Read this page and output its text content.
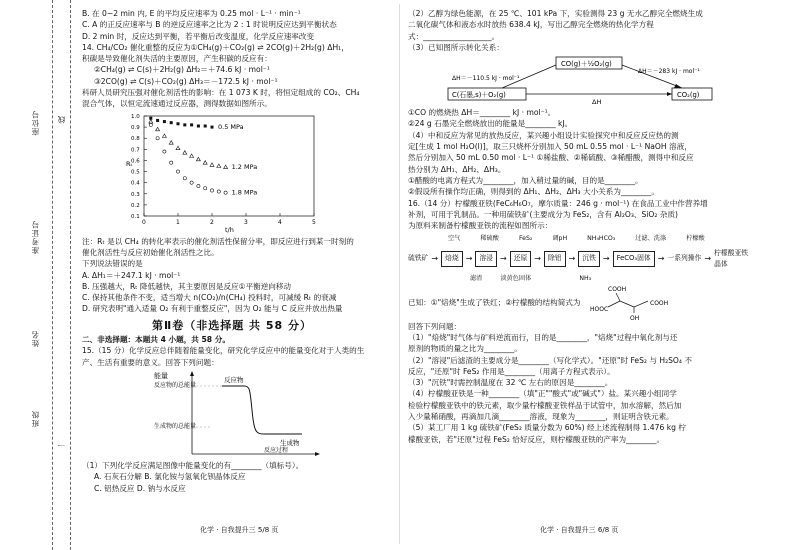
班级
姓名
准考证号
座位号
一
线

B. 在 0~2 min 内, E 的平均反应速率为 0.25 mol · L⁻¹ · min⁻¹

C. A 的正反应速率与 B 的逆反应速率之比为 2 : 1 时说明反应达到平衡状态

D. 2 min 时，反应达到平衡，若平衡后改变温度，化学反应速率改变

14. CH₄/CO₂ 催化重整的反应为①CH₄(g)＋CO₂(g) ⇌ 2CO(g)＋2H₂(g) ΔH₁，

积碳是导致催化剂失活的主要原因，产生积碳的反应有：

②CH₄(g) ⇌ C(s)＋2H₂(g) ΔH₂＝＋74.6 kJ · mol⁻¹

③2CO(g) ⇌ C(s)＋CO₂(g) ΔH₃＝－172.5 kJ · mol⁻¹

科研人员研究压强对催化剂活性的影响：在 1 073 K 时，将恒定组成的 CO₂、CH₄

混合气体，以恒定流速通过反应器，测得数据如图所示。

0	1	2	3	4	5
0.1
0.2
0.3
0.4
0.5
0.6
0.7
0.8
0.9
1.0
t/h
Rₜ
0.5 MPa
1.2 MPa
1.8 MPa

注：Rₜ 是以 CH₄ 的转化率表示的催化剂活性保留分率，即反应进行到某一时刻的

催化剂活性与反应初始催化剂活性之比。

下列说法错误的是

A. ΔH₁＝＋247.1 kJ · mol⁻¹

B. 压强越大，Rₜ 降低越快，其主要原因是反应①平衡逆向移动

C. 保持其他条件不变，适当增大 n(CO₂)/n(CH₄) 投料时，可减缓 Rₜ 的衰减

D. 研究表明"通入适量 O₂ 有利于重整反应"，因为 O₂ 能与 C 反应并放出热量

第Ⅱ卷（非选择题 共 58 分）

二、非选择题：本题共 4 小题，共 58 分。

15.（15 分）化学反应总伴随着能量变化，研究化学反应中的能量变化对于人类的生

产、生活有重要的意义。回答下列问题：

能量
反应物的总能量
生成物的总能量
反应物
生成物
反应过程

（1）下列化学反应满足图像中能量变化的有________（填标号）。

A. 石灰石分解 B. 氯化铵与氢氧化钡晶体反应

C. 铝热反应 D. 钠与水反应

化学 · 自我提升三 5/8 页

（2）乙醇为绿色能源，在 25 ℃、101 kPa 下，实验测得 23 g 无水乙醇完全燃烧生成

二氧化碳气体和液态水时放热 638.4 kJ，写出乙醇完全燃烧的热化学方程

式：__________________。

（3）已知图所示转化关系：

CO(g)＋½O₂(g)
C(石墨,s)＋O₂(g)	CO₂(g)
ΔH＝－110.5 kJ · mol⁻¹
ΔH＝－283 kJ · mol⁻¹
ΔH

①CO 的燃烧热 ΔH＝________ kJ · mol⁻¹。

②24 g 石墨完全燃烧放出的能量是________ kJ。

（4）中和反应为常见的放热反应，某兴趣小组设计实验探究中和反应反应热的测

定[生成 1 mol H₂O(l)]，取三只烧杯分别加入 50 mL 0.55 mol · L⁻¹ NaOH 溶液，

然后分别加入 50 mL 0.50 mol · L⁻¹ ①稀盐酸、②稀硫酸、③稀醋酸，测得中和反应

热分别为 ΔH₁、ΔH₂、ΔH₃。

①醋酸的电离方程式为________，加入稍过量的碱，目的是________。

②假设所有操作均正确，则得到的 ΔH₁、ΔH₂、ΔH₃ 大小关系为________。

16.（14 分）柠檬酸亚铁(FeC₆H₆O₇，摩尔质量：246 g · mol⁻¹) 在食品工业中作营养增

补剂，可用于乳制品。一种用硫铁矿(主要成分为 FeS₂，含有 Al₂O₃、SiO₂ 杂质)

为原料来制备柠檬酸亚铁的流程如图所示：

空气	稀硫酸	FeS₂	调pH	NH₄HCO₃	过滤、洗涤	柠檬酸
硫铁矿 →	焙烧 →	溶浸 →	还原 →	除铝 →	沉铁 →	FeCO₃固体 → 一系列操作 →
柠檬酸亚铁晶体
滤渣	淡黄色固体	NH₃

已知：①"焙烧"生成了铁红；②柠檬酸的结构简式为

COOH
HOOC
COOH
OH

回答下列问题：

（1）"焙烧"时气体与矿料逆流而行，目的是________，"焙烧"过程中氧化剂与还

原剂的物质的量之比为________。

（2）"溶浸"后滤渣的主要成分是________（写化学式）。"还原"时 FeS₂ 与 H₂SO₄ 不

反应，"还原"时 FeS₂ 作用是________（用离子方程式表示）。

（3）"沉铁"时需控制温度在 32 ℃ 左右的原因是________。

（4）柠檬酸亚铁是一种________（填"正""酸式"或"碱式"）盐。某兴趣小组同学

检验柠檬酸亚铁中的铁元素，取少量柠檬酸亚铁样品于试管中，加水溶解，然后加

入少量稀硝酸，再滴加几滴________溶液，现象为________，则证明含铁元素。

（5）某工厂用 1 kg 硫铁矿(FeS₂ 质量分数为 60%) 经上述流程制得 1.476 kg 柠

檬酸亚铁，若"还原"过程 FeS₂ 恰好反应，则柠檬酸亚铁的产率为________。

化学 · 自我提升三 6/8 页
